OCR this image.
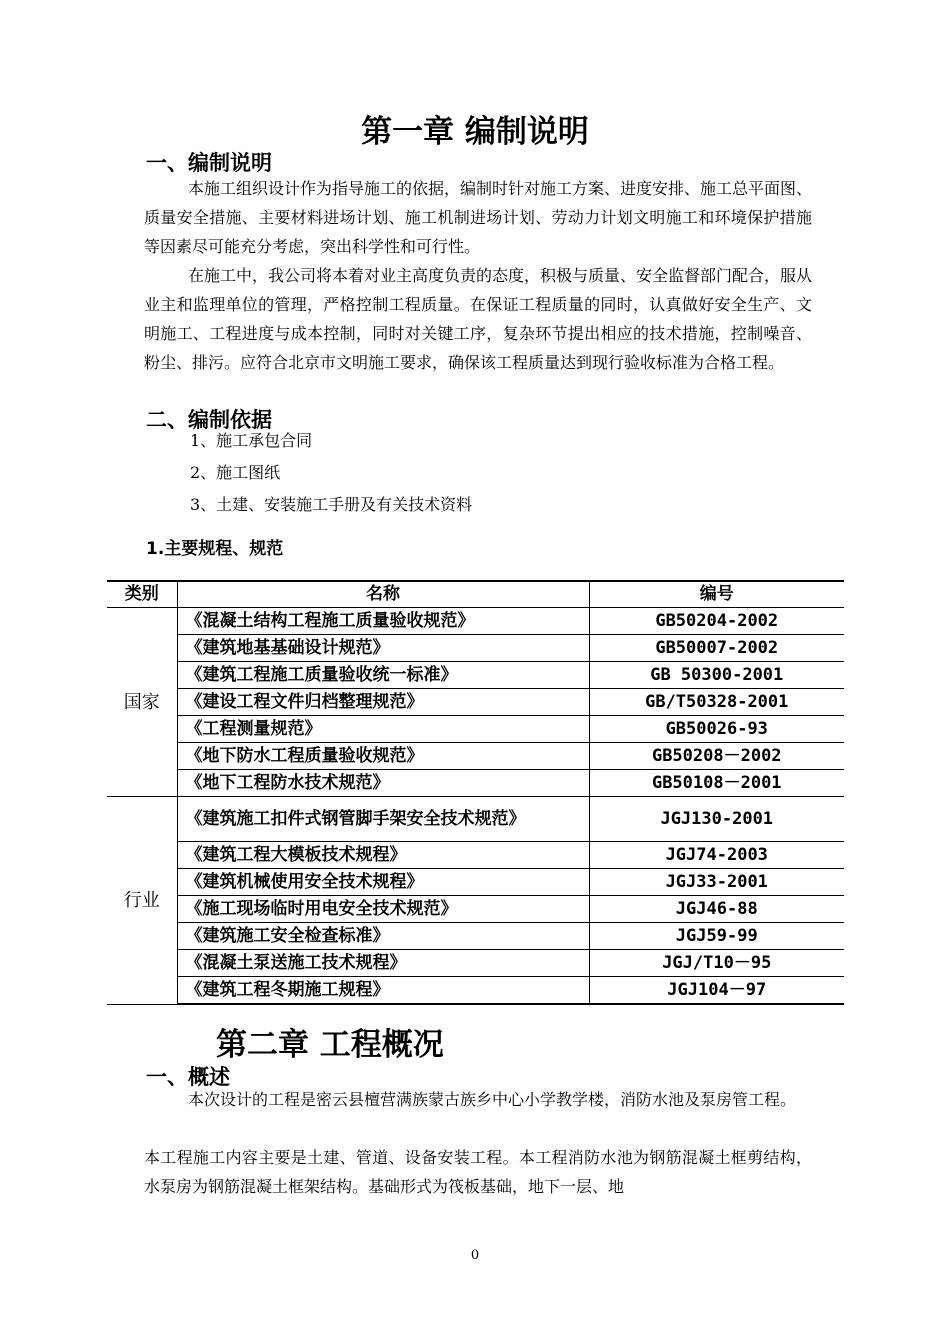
第一章 编制说明
一、编制说明

本施工组织设计作为指导施工的依据，编制时针对施工方案、进度安排、施工总平面图、质量安全措施、主要材料进场计划、施工机制进场计划、劳动力计划文明施工和环境保护措施等因素尽可能充分考虑，突出科学性和可行性。

在施工中，我公司将本着对业主高度负责的态度，积极与质量、安全监督部门配合，服从业主和监理单位的管理，严格控制工程质量。在保证工程质量的同时，认真做好安全生产、文明施工、工程进度与成本控制，同时对关键工序，复杂环节提出相应的技术措施，控制噪音、粉尘、排污。应符合北京市文明施工要求，确保该工程质量达到现行验收标准为合格工程。

二、编制依据
1、施工承包合同
2、施工图纸
3、土建、安装施工手册及有关技术资料
1.主要规程、规范
类别	名称	编号
国家	《混凝土结构工程施工质量验收规范》	GB50204-2002
	《建筑地基基础设计规范》	GB50007-2002
	《建筑工程施工质量验收统一标准》	GB 50300-2001
	《建设工程文件归档整理规范》	GB/T50328-2001
	《工程测量规范》	GB50026-93
	《地下防水工程质量验收规范》	GB50208－2002
	《地下工程防水技术规范》	GB50108－2001
行业	《建筑施工扣件式钢管脚手架安全技术规范》	JGJ130-2001
	《建筑工程大模板技术规程》	JGJ74-2003
	《建筑机械使用安全技术规程》	JGJ33-2001
	《施工现场临时用电安全技术规范》	JGJ46-88
	《建筑施工安全检查标准》	JGJ59-99
	《混凝土泵送施工技术规程》	JGJ/T10－95
	《建筑工程冬期施工规程》	JGJ104－97
第二章 工程概况
一、概述

本次设计的工程是密云县檀营满族蒙古族乡中心小学教学楼，消防水池及泵房管工程。

本工程施工内容主要是土建、管道、设备安装工程。本工程消防水池为钢筋混凝土框剪结构，水泵房为钢筋混凝土框架结构。基础形式为筏板基础，地下一层、地

0
